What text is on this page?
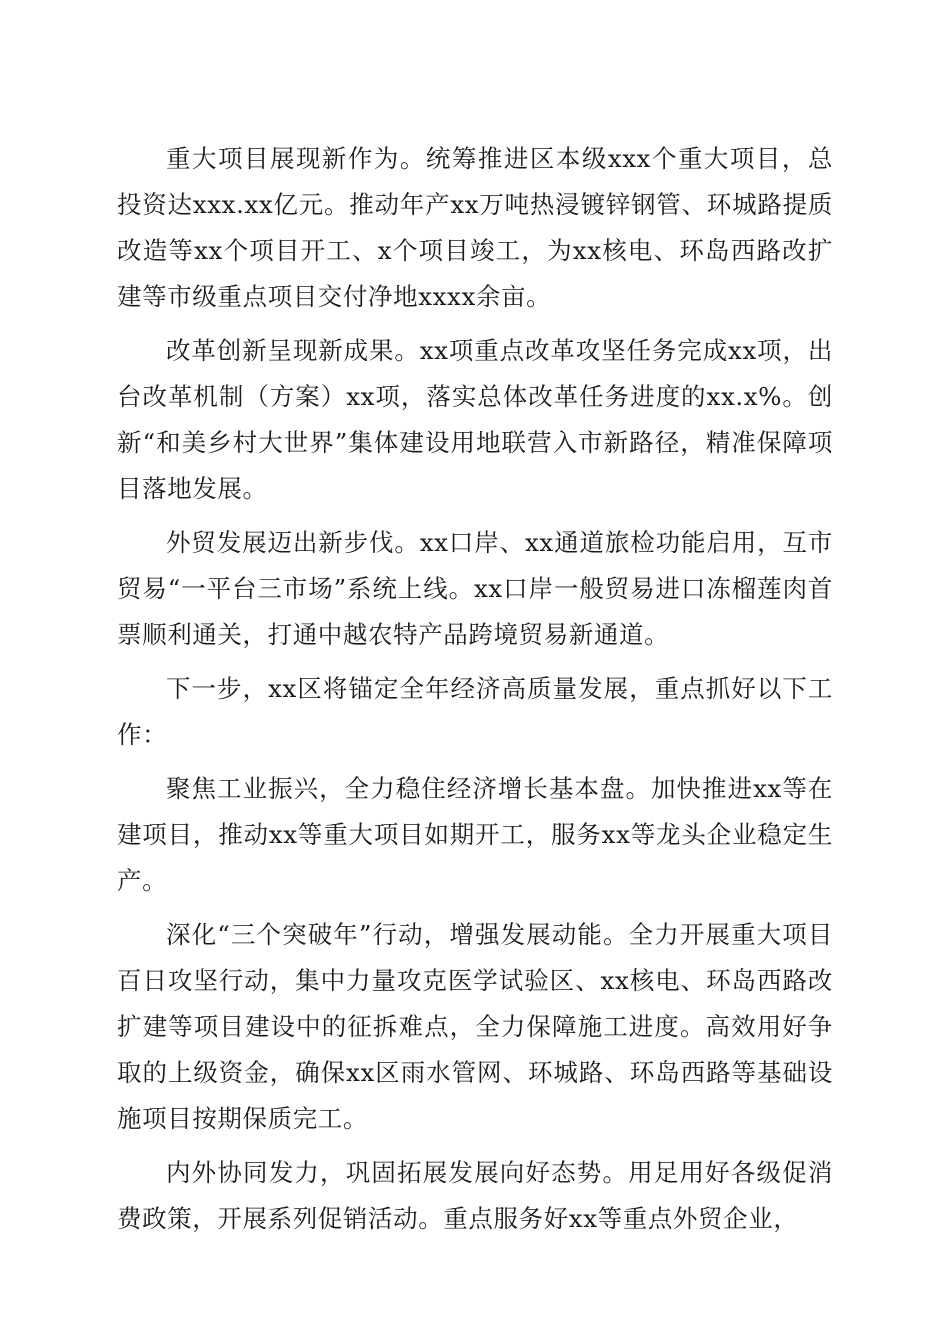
重大项目展现新作为。统筹推进区本级xxx个重大项目，总投资达xxx.xx亿元。推动年产xx万吨热浸镀锌钢管、环城路提质改造等xx个项目开工、x个项目竣工，为xx核电、环岛西路改扩建等市级重点项目交付净地xxxx余亩。

改革创新呈现新成果。xx项重点改革攻坚任务完成xx项，出台改革机制（方案）xx项，落实总体改革任务进度的xx.x%。创新“和美乡村大世界”集体建设用地联营入市新路径，精准保障项目落地发展。

外贸发展迈出新步伐。xx口岸、xx通道旅检功能启用，互市贸易“一平台三市场”系统上线。xx口岸一般贸易进口冻榴莲肉首票顺利通关，打通中越农特产品跨境贸易新通道。

下一步，xx区将锚定全年经济高质量发展，重点抓好以下工作：

聚焦工业振兴，全力稳住经济增长基本盘。加快推进xx等在建项目，推动xx等重大项目如期开工，服务xx等龙头企业稳定生产。

深化“三个突破年”行动，增强发展动能。全力开展重大项目百日攻坚行动，集中力量攻克医学试验区、xx核电、环岛西路改扩建等项目建设中的征拆难点，全力保障施工进度。高效用好争取的上级资金，确保xx区雨水管网、环城路、环岛西路等基础设施项目按期保质完工。

内外协同发力，巩固拓展发展向好态势。用足用好各级促消费政策，开展系列促销活动。重点服务好xx等重点外贸企业，
